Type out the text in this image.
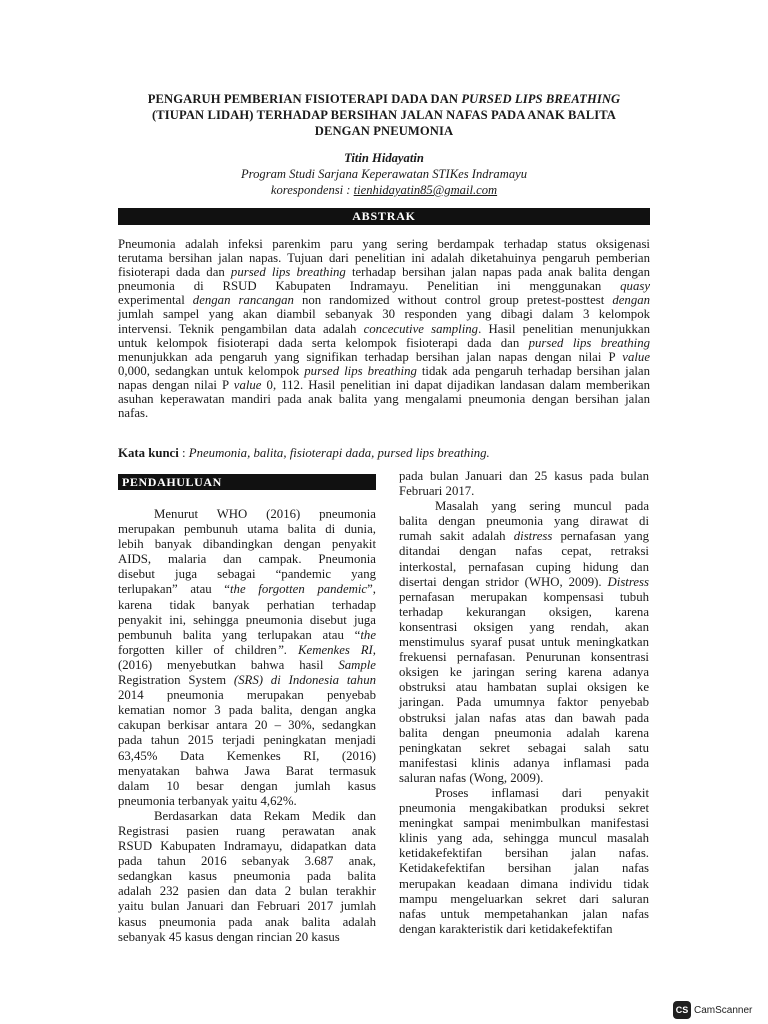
PENGARUH PEMBERIAN FISIOTERAPI DADA DAN PURSED LIPS BREATHING
(TIUPAN LIDAH) TERHADAP BERSIHAN JALAN NAFAS PADA ANAK BALITA
DENGAN PNEUMONIA
Titin Hidayatin
Program Studi Sarjana Keperawatan STIKes Indramayu
korespondensi : tienhidayatin85@gmail.com
ABSTRAK
Pneumonia adalah infeksi parenkim paru yang sering berdampak terhadap status oksigenasi
terutama bersihan jalan napas. Tujuan dari penelitian ini adalah diketahuinya pengaruh pemberian
fisioterapi dada dan pursed lips breathing terhadap bersihan jalan napas pada anak balita dengan
pneumonia di RSUD Kabupaten Indramayu. Penelitian ini menggunakan quasy
experimental dengan rancangan non randomized without control group pretest-posttest dengan
jumlah sampel yang akan diambil sebanyak 30 responden yang dibagi dalam 3 kelompok
intervensi. Teknik pengambilan data adalah concecutive sampling. Hasil penelitian menunjukkan
untuk kelompok fisioterapi dada serta kelompok fisioterapi dada dan pursed lips breathing
menunjukkan ada pengaruh yang signifikan terhadap bersihan jalan napas dengan nilai P value
0,000, sedangkan untuk kelompok pursed lips breathing tidak ada pengaruh terhadap bersihan jalan
napas dengan nilai P value 0, 112. Hasil penelitian ini dapat dijadikan landasan dalam memberikan
asuhan keperawatan mandiri pada anak balita yang mengalami pneumonia dengan bersihan jalan
nafas.
Kata kunci : Pneumonia, balita, fisioterapi dada, pursed lips breathing.
PENDAHULUAN
Menurut WHO (2016) pneumonia
merupakan pembunuh utama balita di dunia,
lebih banyak dibandingkan dengan penyakit
AIDS, malaria dan campak. Pneumonia
disebut juga sebagai “pandemic yang
terlupakan” atau “the forgotten pandemic”,
karena tidak banyak perhatian terhadap
penyakit ini, sehingga pneumonia disebut juga
pembunuh balita yang terlupakan atau “the
forgotten killer of children”. Kemenkes RI,
(2016) menyebutkan bahwa hasil Sample
Registration System (SRS) di Indonesia tahun
2014 pneumonia merupakan penyebab
kematian nomor 3 pada balita, dengan angka
cakupan berkisar antara 20 – 30%, sedangkan
pada tahun 2015 terjadi peningkatan menjadi
63,45% Data Kemenkes RI, (2016)
menyatakan bahwa Jawa Barat termasuk
dalam 10 besar dengan jumlah kasus
pneumonia terbanyak yaitu 4,62%.
Berdasarkan data Rekam Medik dan
Registrasi pasien ruang perawatan anak
RSUD Kabupaten Indramayu, didapatkan data
pada tahun 2016 sebanyak 3.687 anak,
sedangkan kasus pneumonia pada balita
adalah 232 pasien dan data 2 bulan terakhir
yaitu bulan Januari dan Februari 2017 jumlah
kasus pneumonia pada anak balita adalah
sebanyak 45 kasus dengan rincian 20 kasus
pada bulan Januari dan 25 kasus pada bulan
Februari 2017.
Masalah yang sering muncul pada
balita dengan pneumonia yang dirawat di
rumah sakit adalah distress pernafasan yang
ditandai dengan nafas cepat, retraksi
interkostal, pernafasan cuping hidung dan
disertai dengan stridor (WHO, 2009). Distress
pernafasan merupakan kompensasi tubuh
terhadap kekurangan oksigen, karena
konsentrasi oksigen yang rendah, akan
menstimulus syaraf pusat untuk meningkatkan
frekuensi pernafasan. Penurunan konsentrasi
oksigen ke jaringan sering karena adanya
obstruksi atau hambatan suplai oksigen ke
jaringan. Pada umumnya faktor penyebab
obstruksi jalan nafas atas dan bawah pada
balita dengan pneumonia adalah karena
peningkatan sekret sebagai salah satu
manifestasi klinis adanya inflamasi pada
saluran nafas (Wong, 2009).
Proses inflamasi dari penyakit
pneumonia mengakibatkan produksi sekret
meningkat sampai menimbulkan manifestasi
klinis yang ada, sehingga muncul masalah
ketidakefektifan bersihan jalan nafas.
Ketidakefektifan bersihan jalan nafas
merupakan keadaan dimana individu tidak
mampu mengeluarkan sekret dari saluran
nafas untuk mempetahankan jalan nafas
dengan karakteristik dari ketidakefektifan
CS CamScanner
